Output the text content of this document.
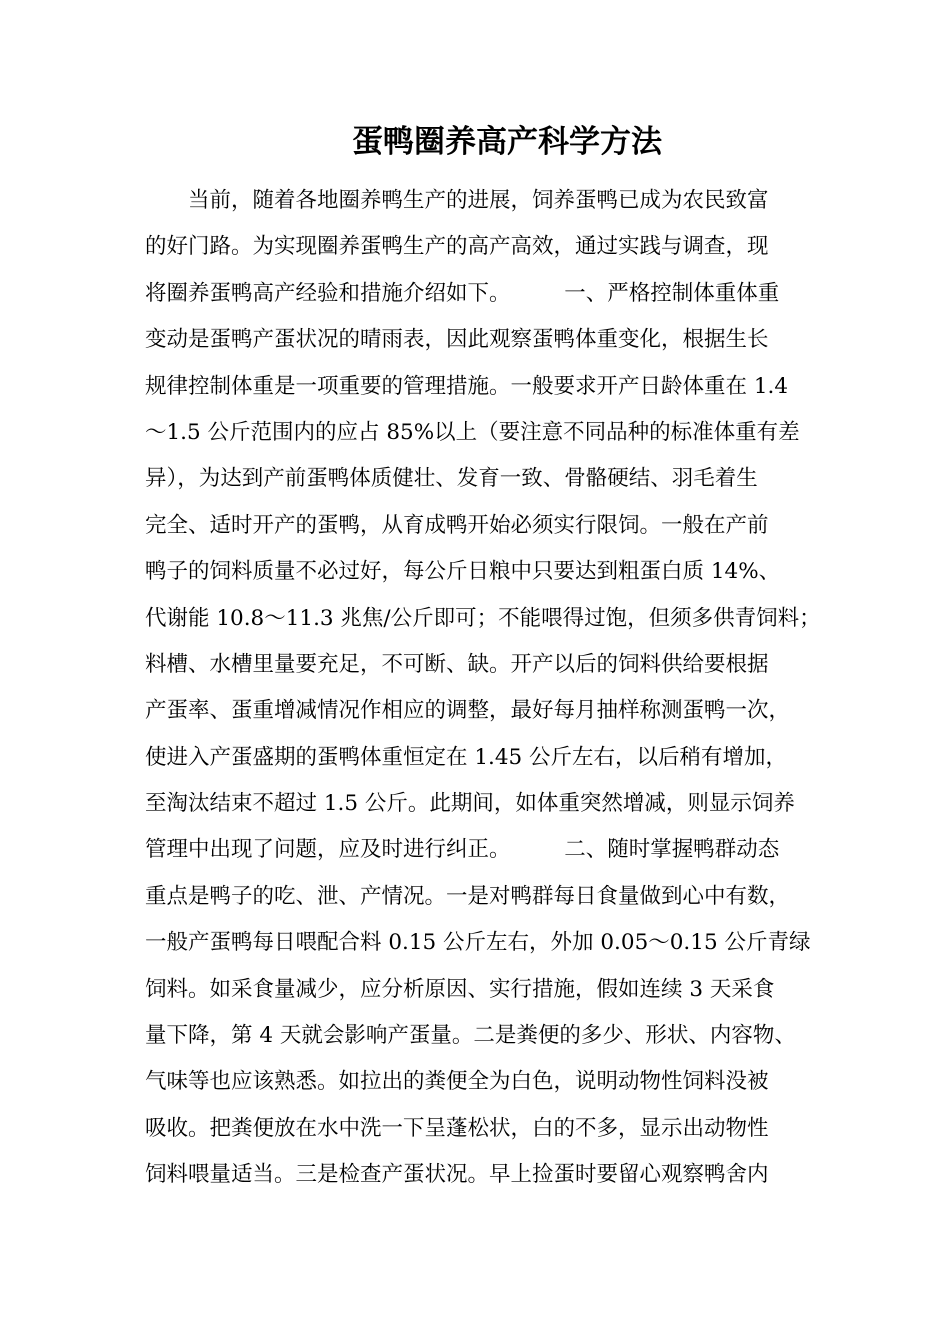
蛋鸭圈养高产科学方法
　　当前，随着各地圈养鸭生产的进展，饲养蛋鸭已成为农民致富
的好门路。为实现圈养蛋鸭生产的高产高效，通过实践与调查，现
将圈养蛋鸭高产经验和措施介绍如下。　　　一、严格控制体重体重
变动是蛋鸭产蛋状况的晴雨表，因此观察蛋鸭体重变化，根据生长
规律控制体重是一项重要的管理措施。一般要求开产日龄体重在 1.4
～1.5 公斤范围内的应占 85%以上（要注意不同品种的标准体重有差
异），为达到产前蛋鸭体质健壮、发育一致、骨骼硬结、羽毛着生
完全、适时开产的蛋鸭，从育成鸭开始必须实行限饲。一般在产前
鸭子的饲料质量不必过好，每公斤日粮中只要达到粗蛋白质 14%、
代谢能 10.8～11.3 兆焦/公斤即可；不能喂得过饱，但须多供青饲料；
料槽、水槽里量要充足，不可断、缺。开产以后的饲料供给要根据
产蛋率、蛋重增减情况作相应的调整，最好每月抽样称测蛋鸭一次，
使进入产蛋盛期的蛋鸭体重恒定在 1.45 公斤左右，以后稍有增加，
至淘汰结束不超过 1.5 公斤。此期间，如体重突然增减，则显示饲养
管理中出现了问题，应及时进行纠正。　　　二、随时掌握鸭群动态
重点是鸭子的吃、泄、产情况。一是对鸭群每日食量做到心中有数，
一般产蛋鸭每日喂配合料 0.15 公斤左右，外加 0.05～0.15 公斤青绿
饲料。如采食量减少，应分析原因、实行措施，假如连续 3 天采食
量下降，第 4 天就会影响产蛋量。二是粪便的多少、形状、内容物、
气味等也应该熟悉。如拉出的粪便全为白色，说明动物性饲料没被
吸收。把粪便放在水中洗一下呈蓬松状，白的不多，显示出动物性
饲料喂量适当。三是检查产蛋状况。早上捡蛋时要留心观察鸭舍内
